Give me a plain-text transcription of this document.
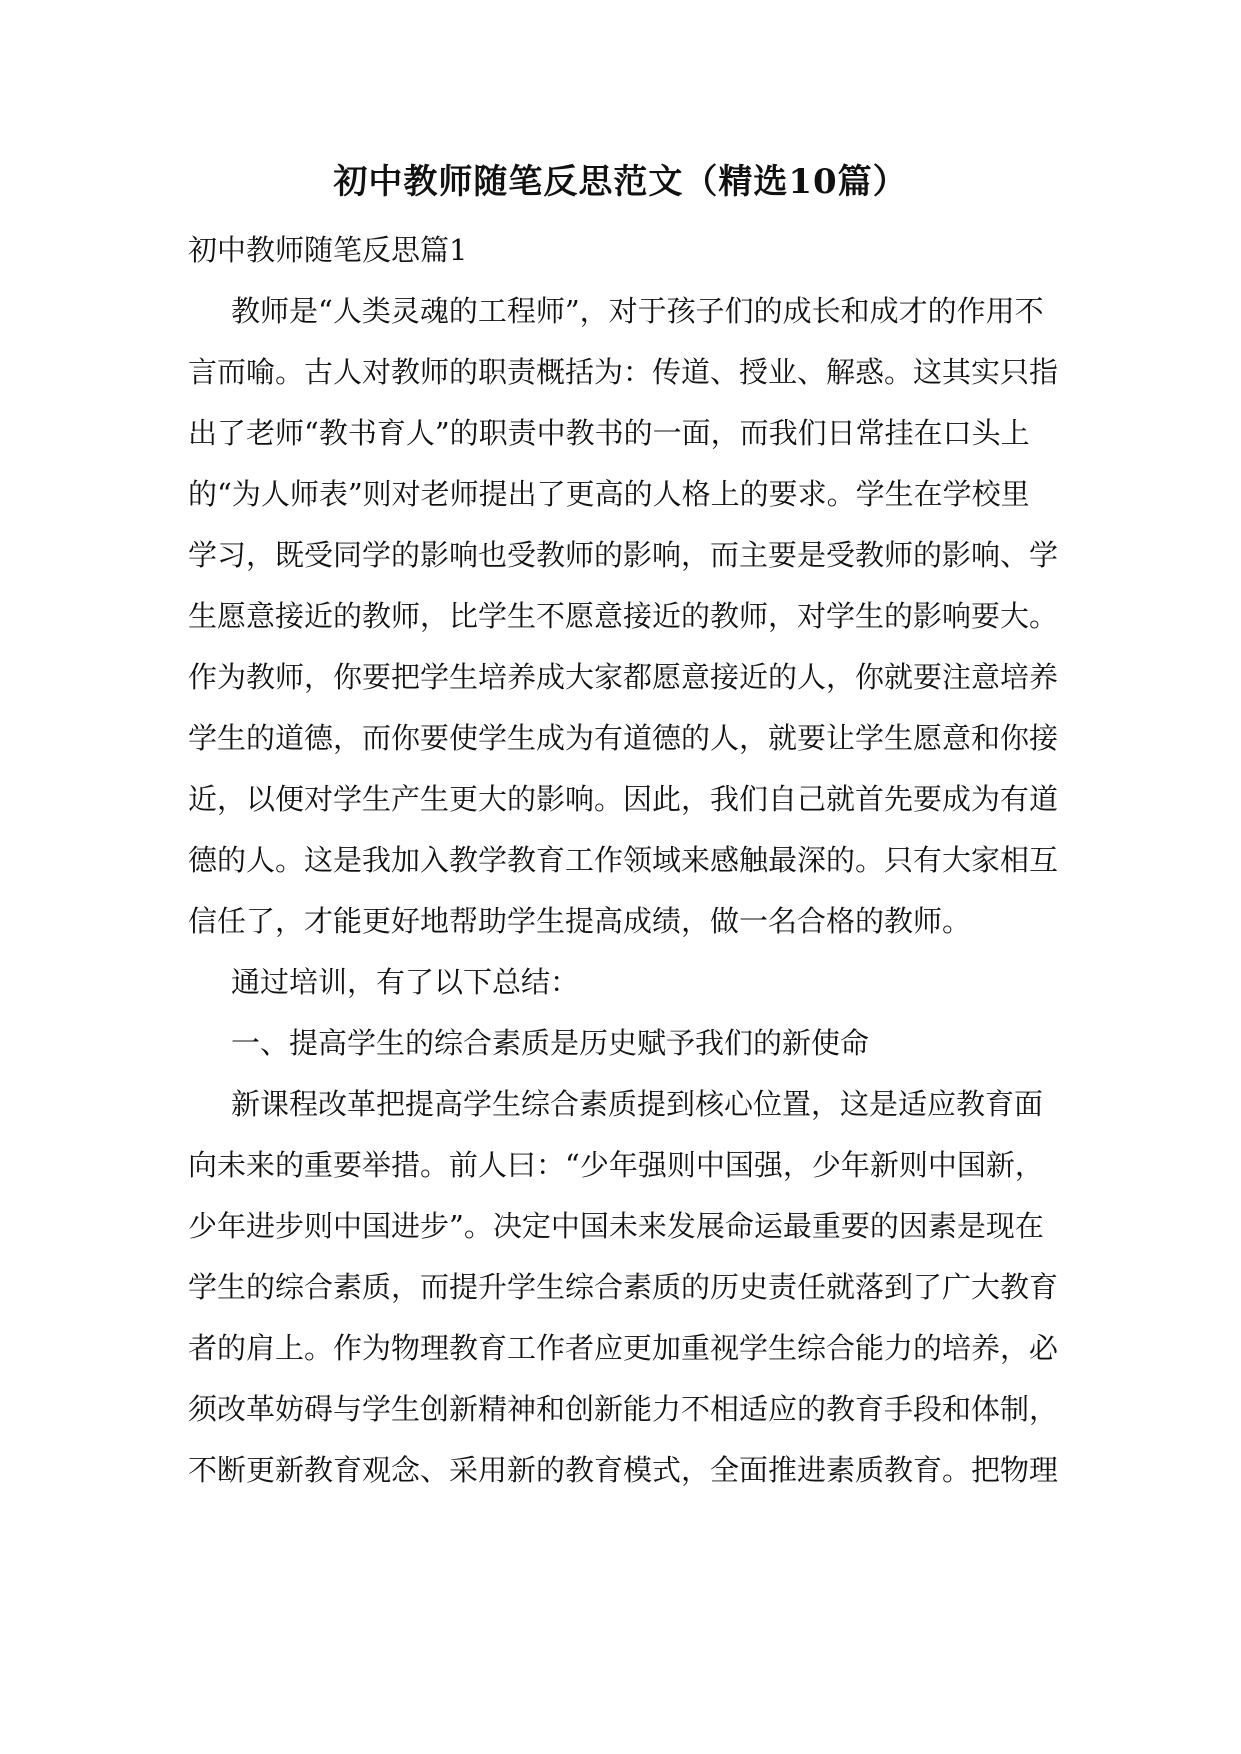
初中教师随笔反思范文（精选10篇）
初中教师随笔反思篇1
教师是“人类灵魂的工程师”，对于孩子们的成长和成才的作用不
言而喻。古人对教师的职责概括为：传道、授业、解惑。这其实只指
出了老师“教书育人”的职责中教书的一面，而我们日常挂在口头上
的“为人师表”则对老师提出了更高的人格上的要求。学生在学校里
学习，既受同学的影响也受教师的影响，而主要是受教师的影响、学
生愿意接近的教师，比学生不愿意接近的教师，对学生的影响要大。
作为教师，你要把学生培养成大家都愿意接近的人，你就要注意培养
学生的道德，而你要使学生成为有道德的人，就要让学生愿意和你接
近，以便对学生产生更大的影响。因此，我们自己就首先要成为有道
德的人。这是我加入教学教育工作领域来感触最深的。只有大家相互
信任了，才能更好地帮助学生提高成绩，做一名合格的教师。
通过培训，有了以下总结：
一、提高学生的综合素质是历史赋予我们的新使命
新课程改革把提高学生综合素质提到核心位置，这是适应教育面
向未来的重要举措。前人曰：“少年强则中国强，少年新则中国新，
少年进步则中国进步”。决定中国未来发展命运最重要的因素是现在
学生的综合素质，而提升学生综合素质的历史责任就落到了广大教育
者的肩上。作为物理教育工作者应更加重视学生综合能力的培养，必
须改革妨碍与学生创新精神和创新能力不相适应的教育手段和体制，
不断更新教育观念、采用新的教育模式，全面推进素质教育。把物理
